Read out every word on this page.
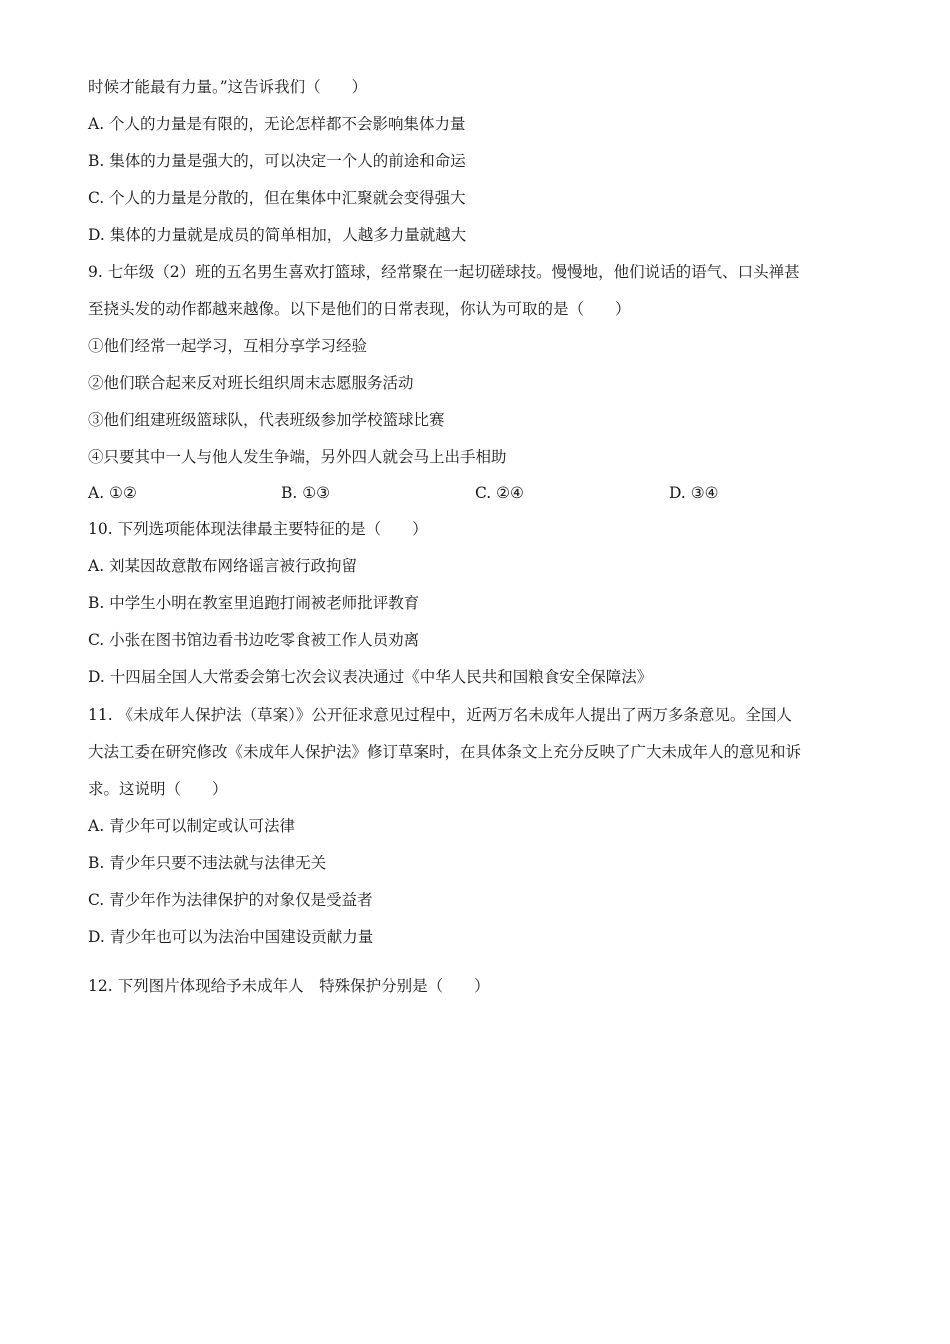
时候才能最有力量。”这告诉我们（　　）
A. 个人的力量是有限的，无论怎样都不会影响集体力量
B. 集体的力量是强大的，可以决定一个人的前途和命运
C. 个人的力量是分散的，但在集体中汇聚就会变得强大
D. 集体的力量就是成员的简单相加，人越多力量就越大
9. 七年级（2）班的五名男生喜欢打篮球，经常聚在一起切磋球技。慢慢地，他们说话的语气、口头禅甚
至挠头发的动作都越来越像。以下是他们的日常表现，你认为可取的是（　　）
①他们经常一起学习，互相分享学习经验
②他们联合起来反对班长组织周末志愿服务活动
③他们组建班级篮球队，代表班级参加学校篮球比赛
④只要其中一人与他人发生争端，另外四人就会马上出手相助
A. ①②	B. ①③	C. ②④	D. ③④
10. 下列选项能体现法律最主要特征的是（　　）
A. 刘某因故意散布网络谣言被行政拘留
B. 中学生小明在教室里追跑打闹被老师批评教育
C. 小张在图书馆边看书边吃零食被工作人员劝离
D. 十四届全国人大常委会第七次会议表决通过《中华人民共和国粮食安全保障法》
11. 《未成年人保护法（草案）》公开征求意见过程中，近两万名未成年人提出了两万多条意见。全国人
大法工委在研究修改《未成年人保护法》修订草案时，在具体条文上充分反映了广大未成年人的意见和诉
求。这说明（　　）
A. 青少年可以制定或认可法律
B. 青少年只要不违法就与法律无关
C. 青少年作为法律保护的对象仅是受益者
D. 青少年也可以为法治中国建设贡献力量
12. 下列图片体现给予未成年人　特殊保护分别是（　　）
